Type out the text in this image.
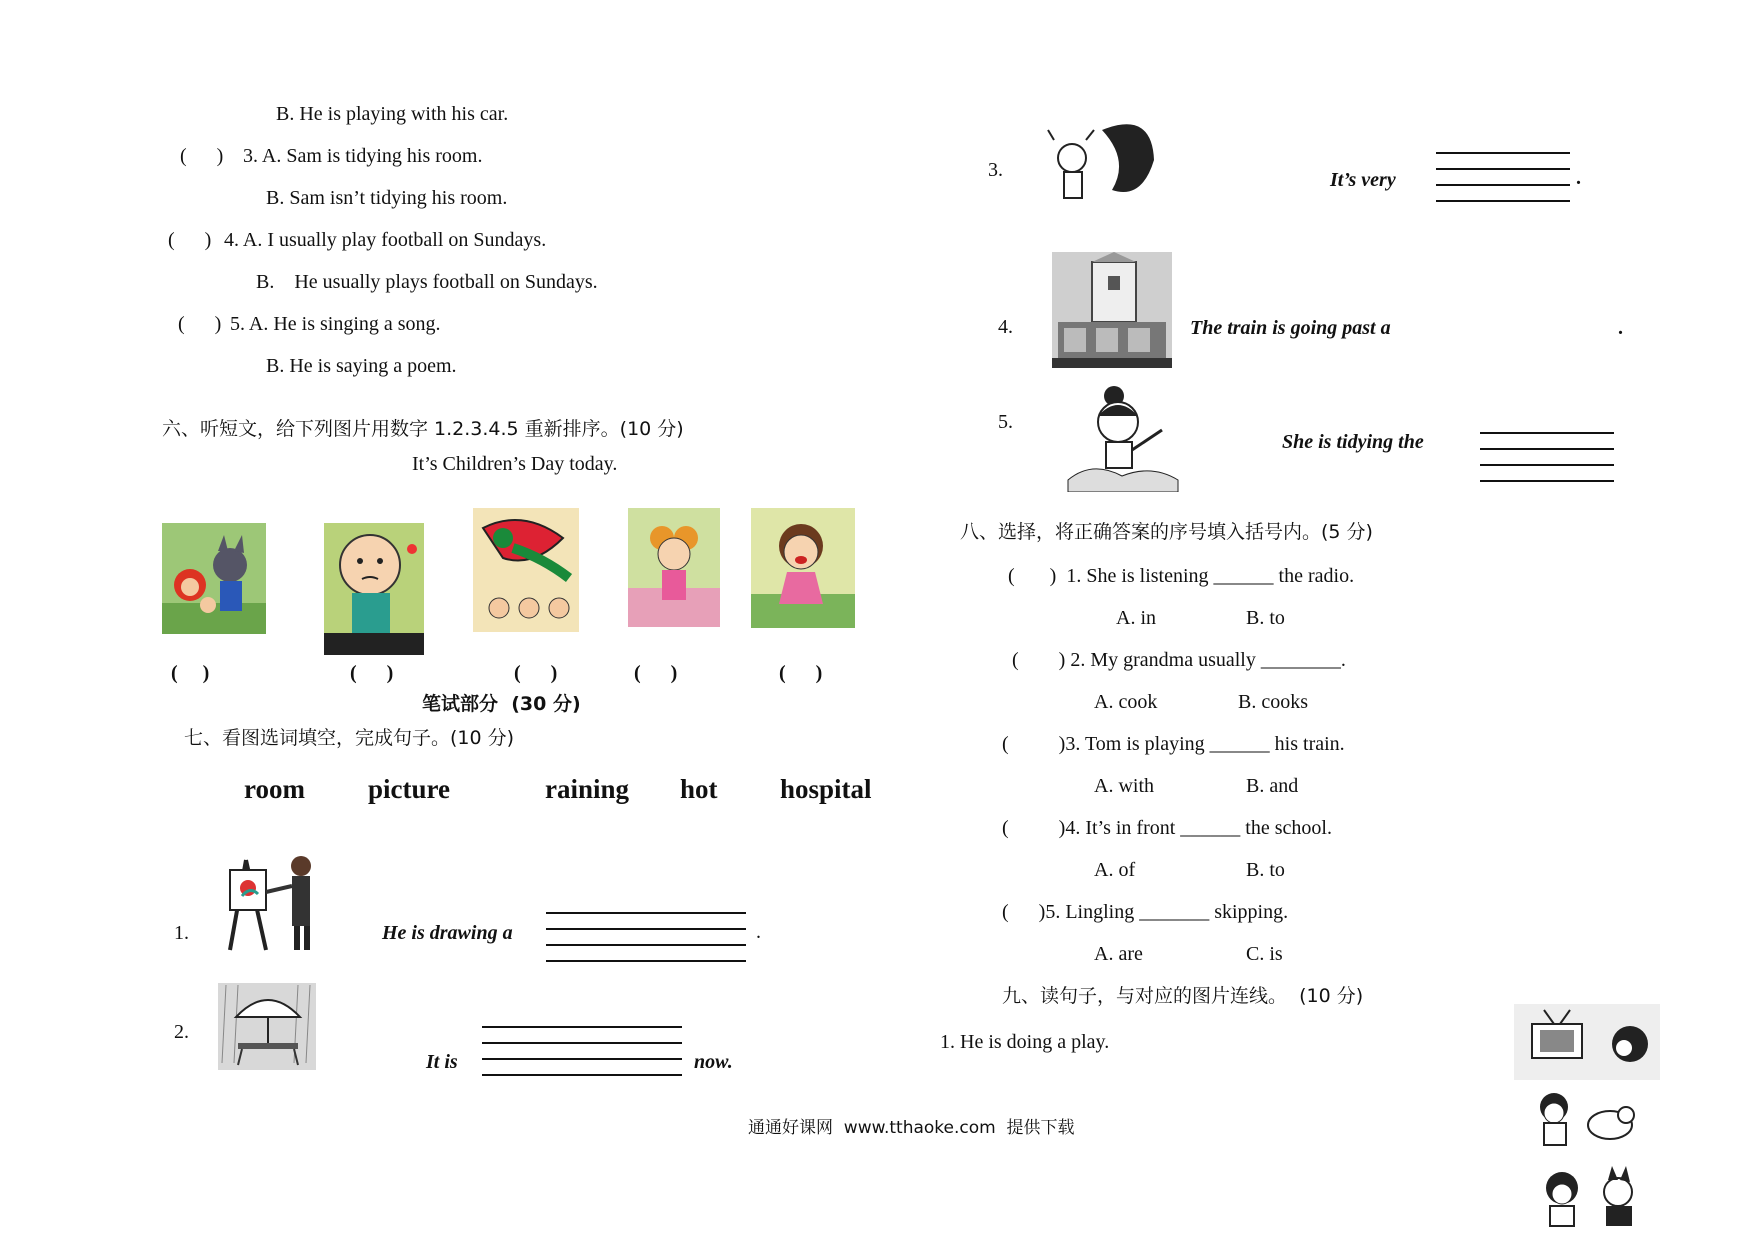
B. He is playing with his car.
(      ) 3. A. Sam is tidying his room.
B. Sam isn’t tidying his room.
(      ) 4. A. I usually play football on Sundays.
B.    He usually plays football on Sundays.
(      ) 5. A. He is singing a song.
B. He is saying a poem.
六、听短文，给下列图片用数字 1.2.3.4.5 重新排序。(10 分)
It’s Children’s Day today.
(     )	(      )	(      )	(      )	(      )
笔试部分  (30 分)
七、看图选词填空，完成句子。(10 分)
room picture	raining hot hospital
1.	He is drawing a	.
2.
It is	now.
3.	It’s very	.
4.	The train is going past a	.
5.
She is tidying the
八、选择，将正确答案的序号填入括号内。(5 分)
(       )  1. She is listening ______ the radio.
A. in	B. to
(        ) 2. My grandma usually ________.
A. cook	B. cooks
(          )3. Tom is playing ______ his train.
A. with	B. and
(          )4. It’s in front ______ the school.
A. of	B. to
(      )5. Lingling _______ skipping.
A. are	C. is
九、读句子，与对应的图片连线。  (10 分)
1. He is doing a play.
通通好课网  www.tthaoke.com  提供下载
